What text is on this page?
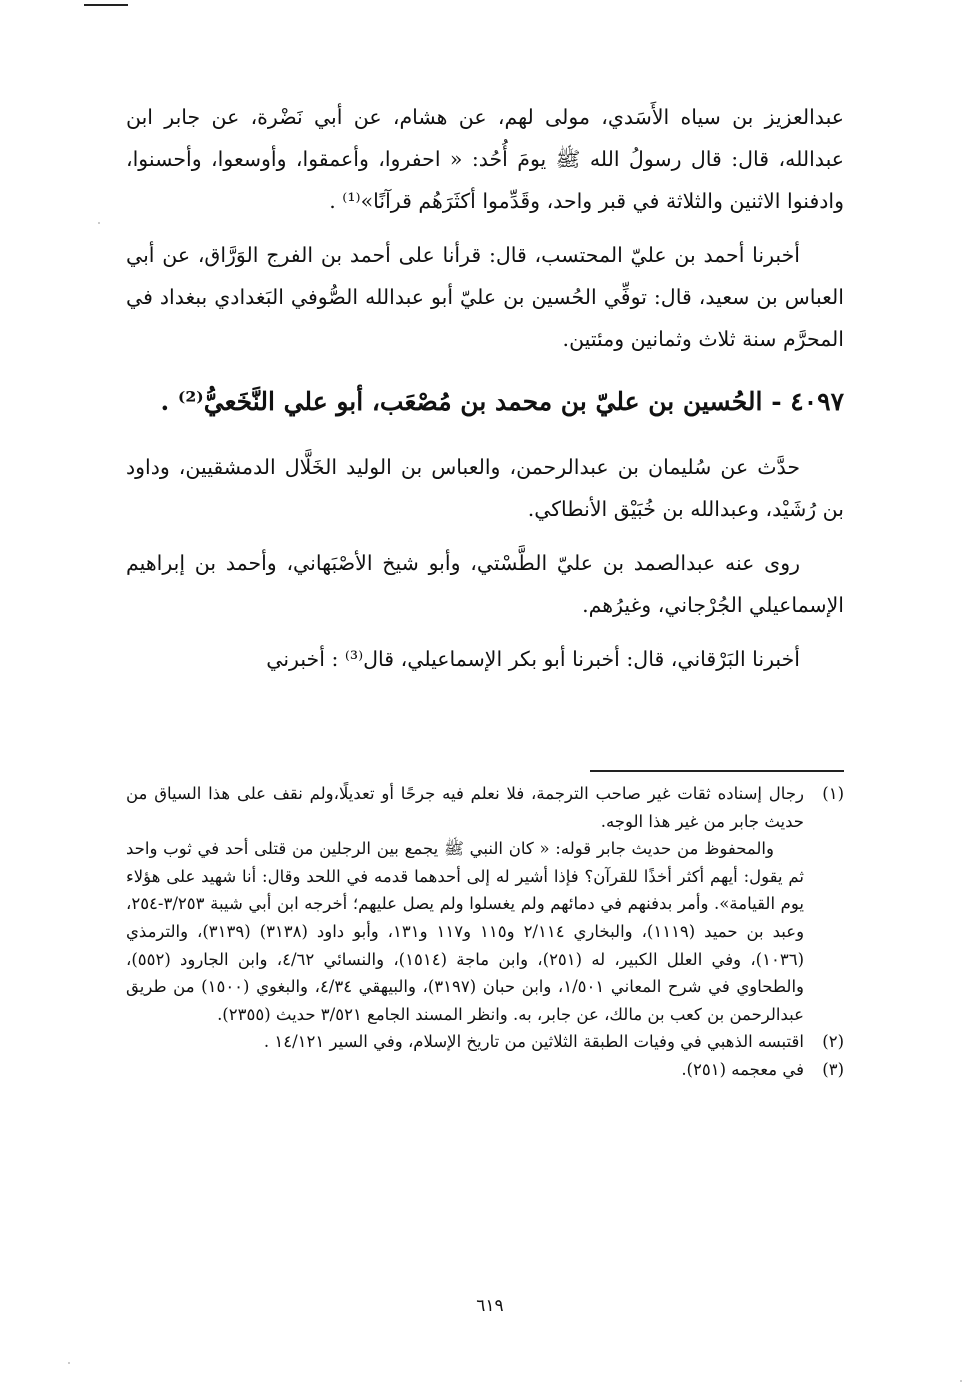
عبدالعزيز بن سياه الأَسَدي، مولى لهم، عن هشام، عن أبي نَضْرة، عن جابر ابن عبدالله، قال: قال رسولُ الله ﷺ يومَ أُحُد: « احفروا، وأعمقوا، وأوسعوا، وأحسنوا، وادفنوا الاثنين والثلاثة في قبر واحد، وقَدِّموا أكثَرَهُم قرآنًا»⁽¹⁾ .

أخبرنا أحمد بن عليّ المحتسب، قال: قرأنا على أحمد بن الفرج الوَرَّاق، عن أبي العباس بن سعيد، قال: توفِّي الحُسين بن عليّ أبو عبدالله الصُّوفي البَغدادي ببغداد في المحرَّم سنة ثلاث وثمانين ومئتين.

٤٠٩٧ - الحُسين بن عليّ بن محمد بن مُصْعَب، أبو علي النَّخَعيُّ⁽²⁾ .

حدَّث عن سُليمان بن عبدالرحمن، والعباس بن الوليد الخَلَّال الدمشقيين، وداود بن رُشَيْد، وعبدالله بن خُبَيْق الأنطاكي.

روى عنه عبدالصمد بن عليّ الطَّسْتي، وأبو شيخ الأصْبَهاني، وأحمد بن إبراهيم الإسماعيلي الجُرْجاني، وغيرُهم.

أخبرنا البَرْقاني، قال: أخبرنا أبو بكر الإسماعيلي، قال⁽³⁾ : أخبرني

(١)
رجال إسناده ثقات غير صاحب الترجمة، فلا نعلم فيه جرحًا أو تعديلًا،ولم نقف على هذا السياق من حديث جابر من غير هذا الوجه.

والمحفوظ من حديث جابر قوله: « كان النبي ﷺ يجمع بين الرجلين من قتلى أحد في ثوب واحد ثم يقول: أيهم أكثر أخذًا للقرآن؟ فإذا أشير له إلى أحدهما قدمه في اللحد وقال: أنا شهيد على هؤلاء يوم القيامة». وأمر بدفنهم في دمائهم ولم يغسلوا ولم يصل عليهم؛ أخرجه ابن أبي شيبة ٣/٢٥٣-٢٥٤، وعبد بن حميد (١١١٩)، والبخاري ٢/١١٤ و١١٥ و١١٧ و١٣١، وأبو داود (٣١٣٨) (٣١٣٩)، والترمذي (١٠٣٦)، وفي العلل الكبير، له (٢٥١)، وابن ماجة (١٥١٤)، والنسائي ٤/٦٢، وابن الجارود (٥٥٢)، والطحاوي في شرح المعاني ١/٥٠١، وابن حبان (٣١٩٧)، والبيهقي ٤/٣٤، والبغوي (١٥٠٠) من طريق عبدالرحمن بن كعب بن مالك، عن جابر، به. وانظر المسند الجامع ٣/٥٢١ حديث (٢٣٥٥).

(٢)
اقتبسه الذهبي في وفيات الطبقة الثلاثين من تاريخ الإسلام، وفي السير ١٤/١٢١ .
(٣)
في معجمه (٢٥١).
٦١٩
